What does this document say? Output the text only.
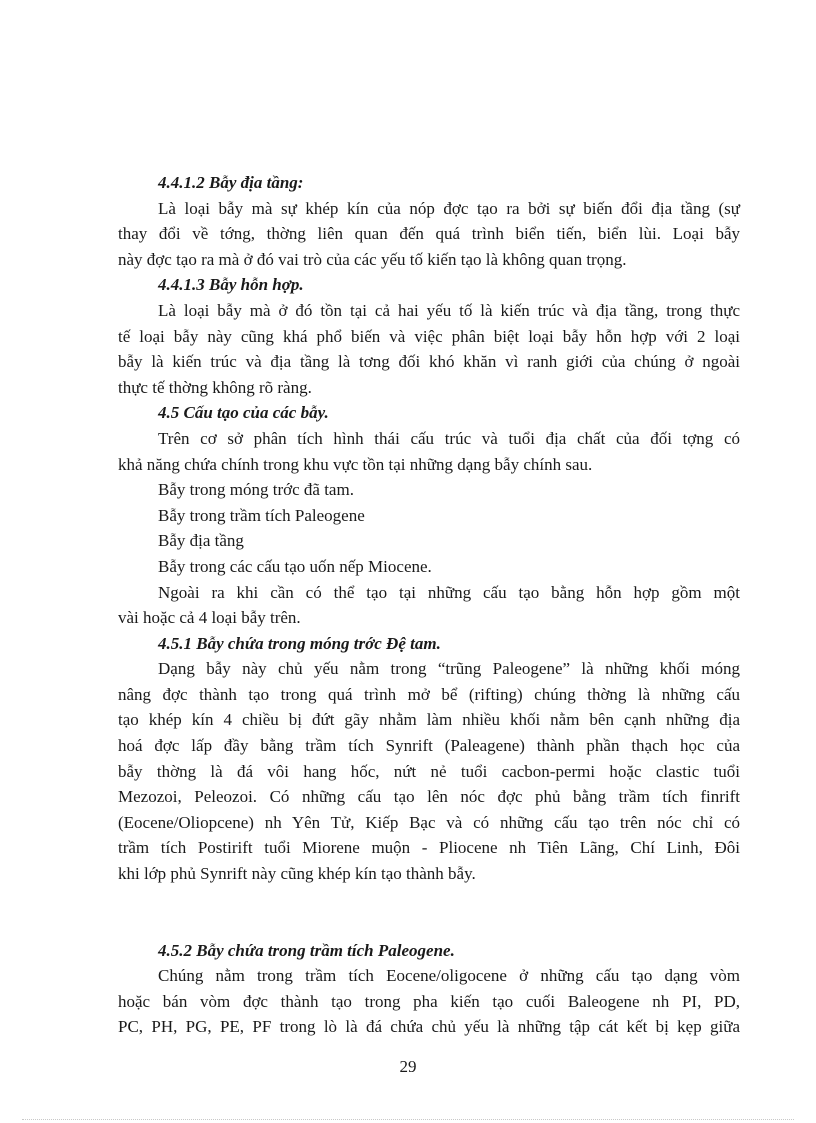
4.4.1.2 Bẫy địa tầng:
Là loại bẫy mà sự khép kín của nóp đợc tạo ra bởi sự biến đổi địa tầng (sự
thay đổi về tớng, thờng liên quan đến quá trình biển tiến, biển lùi. Loại bẫy
này đợc tạo ra mà ở đó vai trò của các yếu tố kiến tạo là không quan trọng.
4.4.1.3 Bẫy hỗn hợp.
Là loại bẫy mà ở đó tồn tại cả hai yếu tố là kiến trúc và địa tầng, trong thực
tế loại bẫy này cũng khá phổ biến và việc phân biệt loại bẫy hỗn hợp với 2 loại
bẫy là kiến trúc và địa tầng là tơng đối khó khăn vì ranh giới của chúng ở ngoài
thực tế thờng không rõ ràng.
4.5 Cấu tạo của các bẫy.
Trên cơ sở phân tích hình thái cấu trúc và tuổi địa chất của đối tợng có
khả năng chứa chính trong khu vực tồn tại những dạng bẫy chính sau.
Bẫy trong móng trớc đã tam.
Bẫy trong trầm tích Paleogene
Bẫy địa tầng
Bẫy trong các cấu tạo uốn nếp Miocene.
Ngoài ra khi cần có thể tạo tại những cấu tạo bằng hỗn hợp gồm một
vài hoặc cả 4 loại bẫy trên.
4.5.1 Bẫy chứa trong móng trớc Đệ tam.
Dạng bẫy này chủ yếu nằm trong “trũng Paleogene” là những khối móng
nâng đợc thành tạo trong quá trình mở bể (rifting) chúng thờng là những cấu
tạo khép kín 4 chiều bị đứt gãy nhằm làm nhiều khối nằm bên cạnh những địa
hoá đợc lấp đầy bằng trầm tích Synrift (Paleagene) thành phần thạch học của
bẫy thờng là đá vôi hang hốc, nứt nẻ tuổi cacbon-permi hoặc clastic tuổi
Mezozoi, Peleozoi. Có những cấu tạo lên nóc đợc phủ bằng trầm tích finrift
(Eocene/Oliopcene) nh Yên Tử, Kiếp Bạc và có những cấu tạo trên nóc chỉ có
trầm tích Postirift tuổi Miorene muộn - Pliocene nh Tiên Lãng, Chí Linh, Đôi
khi lớp phủ Synrift này cũng khép kín tạo thành bẫy.
4.5.2 Bẫy chứa trong trầm tích Paleogene.
Chúng nằm trong trầm tích Eocene/oligocene ở những cấu tạo dạng vòm
hoặc bán vòm đợc thành tạo trong pha kiến tạo cuối Baleogene nh PI, PD,
PC, PH, PG, PE, PF trong lò là đá chứa chủ yếu là những tập cát kết bị kẹp giữa
29
